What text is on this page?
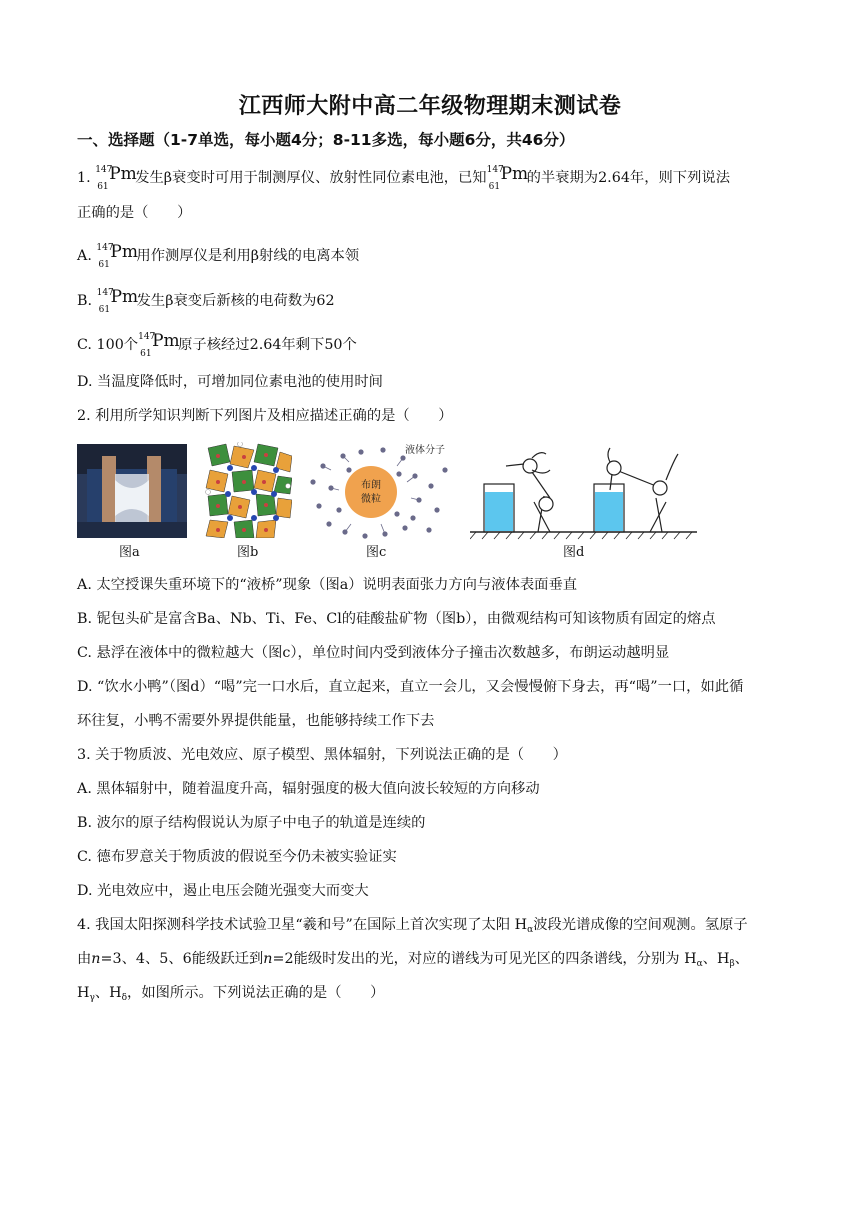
江西师大附中高二年级物理期末测试卷
一、选择题（1-7单选，每小题4分；8-11多选，每小题6分，共46分）
1. 147
61
Pm
发生β衰变时可用于制测厚仪、放射性同位素电池，已知 147
61
Pm
的半衰期为2.64年，则下列说法
正确的是（　　）
A. 147
61
Pm
用作测厚仪是利用β射线的电离本领
B. 147
61
Pm
发生β衰变后新核的电荷数为62
C. 100个 147
61
Pm
原子核经过2.64年剩下50个
D. 当温度降低时，可增加同位素电池的使用时间
2. 利用所学知识判断下列图片及相应描述正确的是（　　）
图a	图b
布朗
微粒
液体分子
图c	图d
A. 太空授课失重环境下的“液桥”现象（图a）说明表面张力方向与液体表面垂直
B. 铌包头矿是富含Ba、Nb、Ti、Fe、Cl的硅酸盐矿物（图b），由微观结构可知该物质有固定的熔点
C. 悬浮在液体中的微粒越大（图c），单位时间内受到液体分子撞击次数越多，布朗运动越明显
D. “饮水小鸭”（图d）“喝”完一口水后，直立起来，直立一会儿，又会慢慢俯下身去，再“喝”一口，如此循
环往复，小鸭不需要外界提供能量，也能够持续工作下去
3. 关于物质波、光电效应、原子模型、黑体辐射，下列说法正确的是（　　）
A. 黑体辐射中，随着温度升高，辐射强度的极大值向波长较短的方向移动
B. 波尔的原子结构假说认为原子中电子的轨道是连续的
C. 德布罗意关于物质波的假说至今仍未被实验证实
D. 光电效应中，遏止电压会随光强变大而变大
4. 我国太阳探测科学技术试验卫星“羲和号”在国际上首次实现了太阳 $H_\alpha$波段光谱成像的空间观测。氢原子
由n=3、4、5、6能级跃迁到n=2能级时发出的光，对应的谱线为可见光区的四条谱线，分别为 $H_\alpha$、$H_\beta$、
$H_\gamma$、$H_\delta$，如图所示。下列说法正确的是（　　）
